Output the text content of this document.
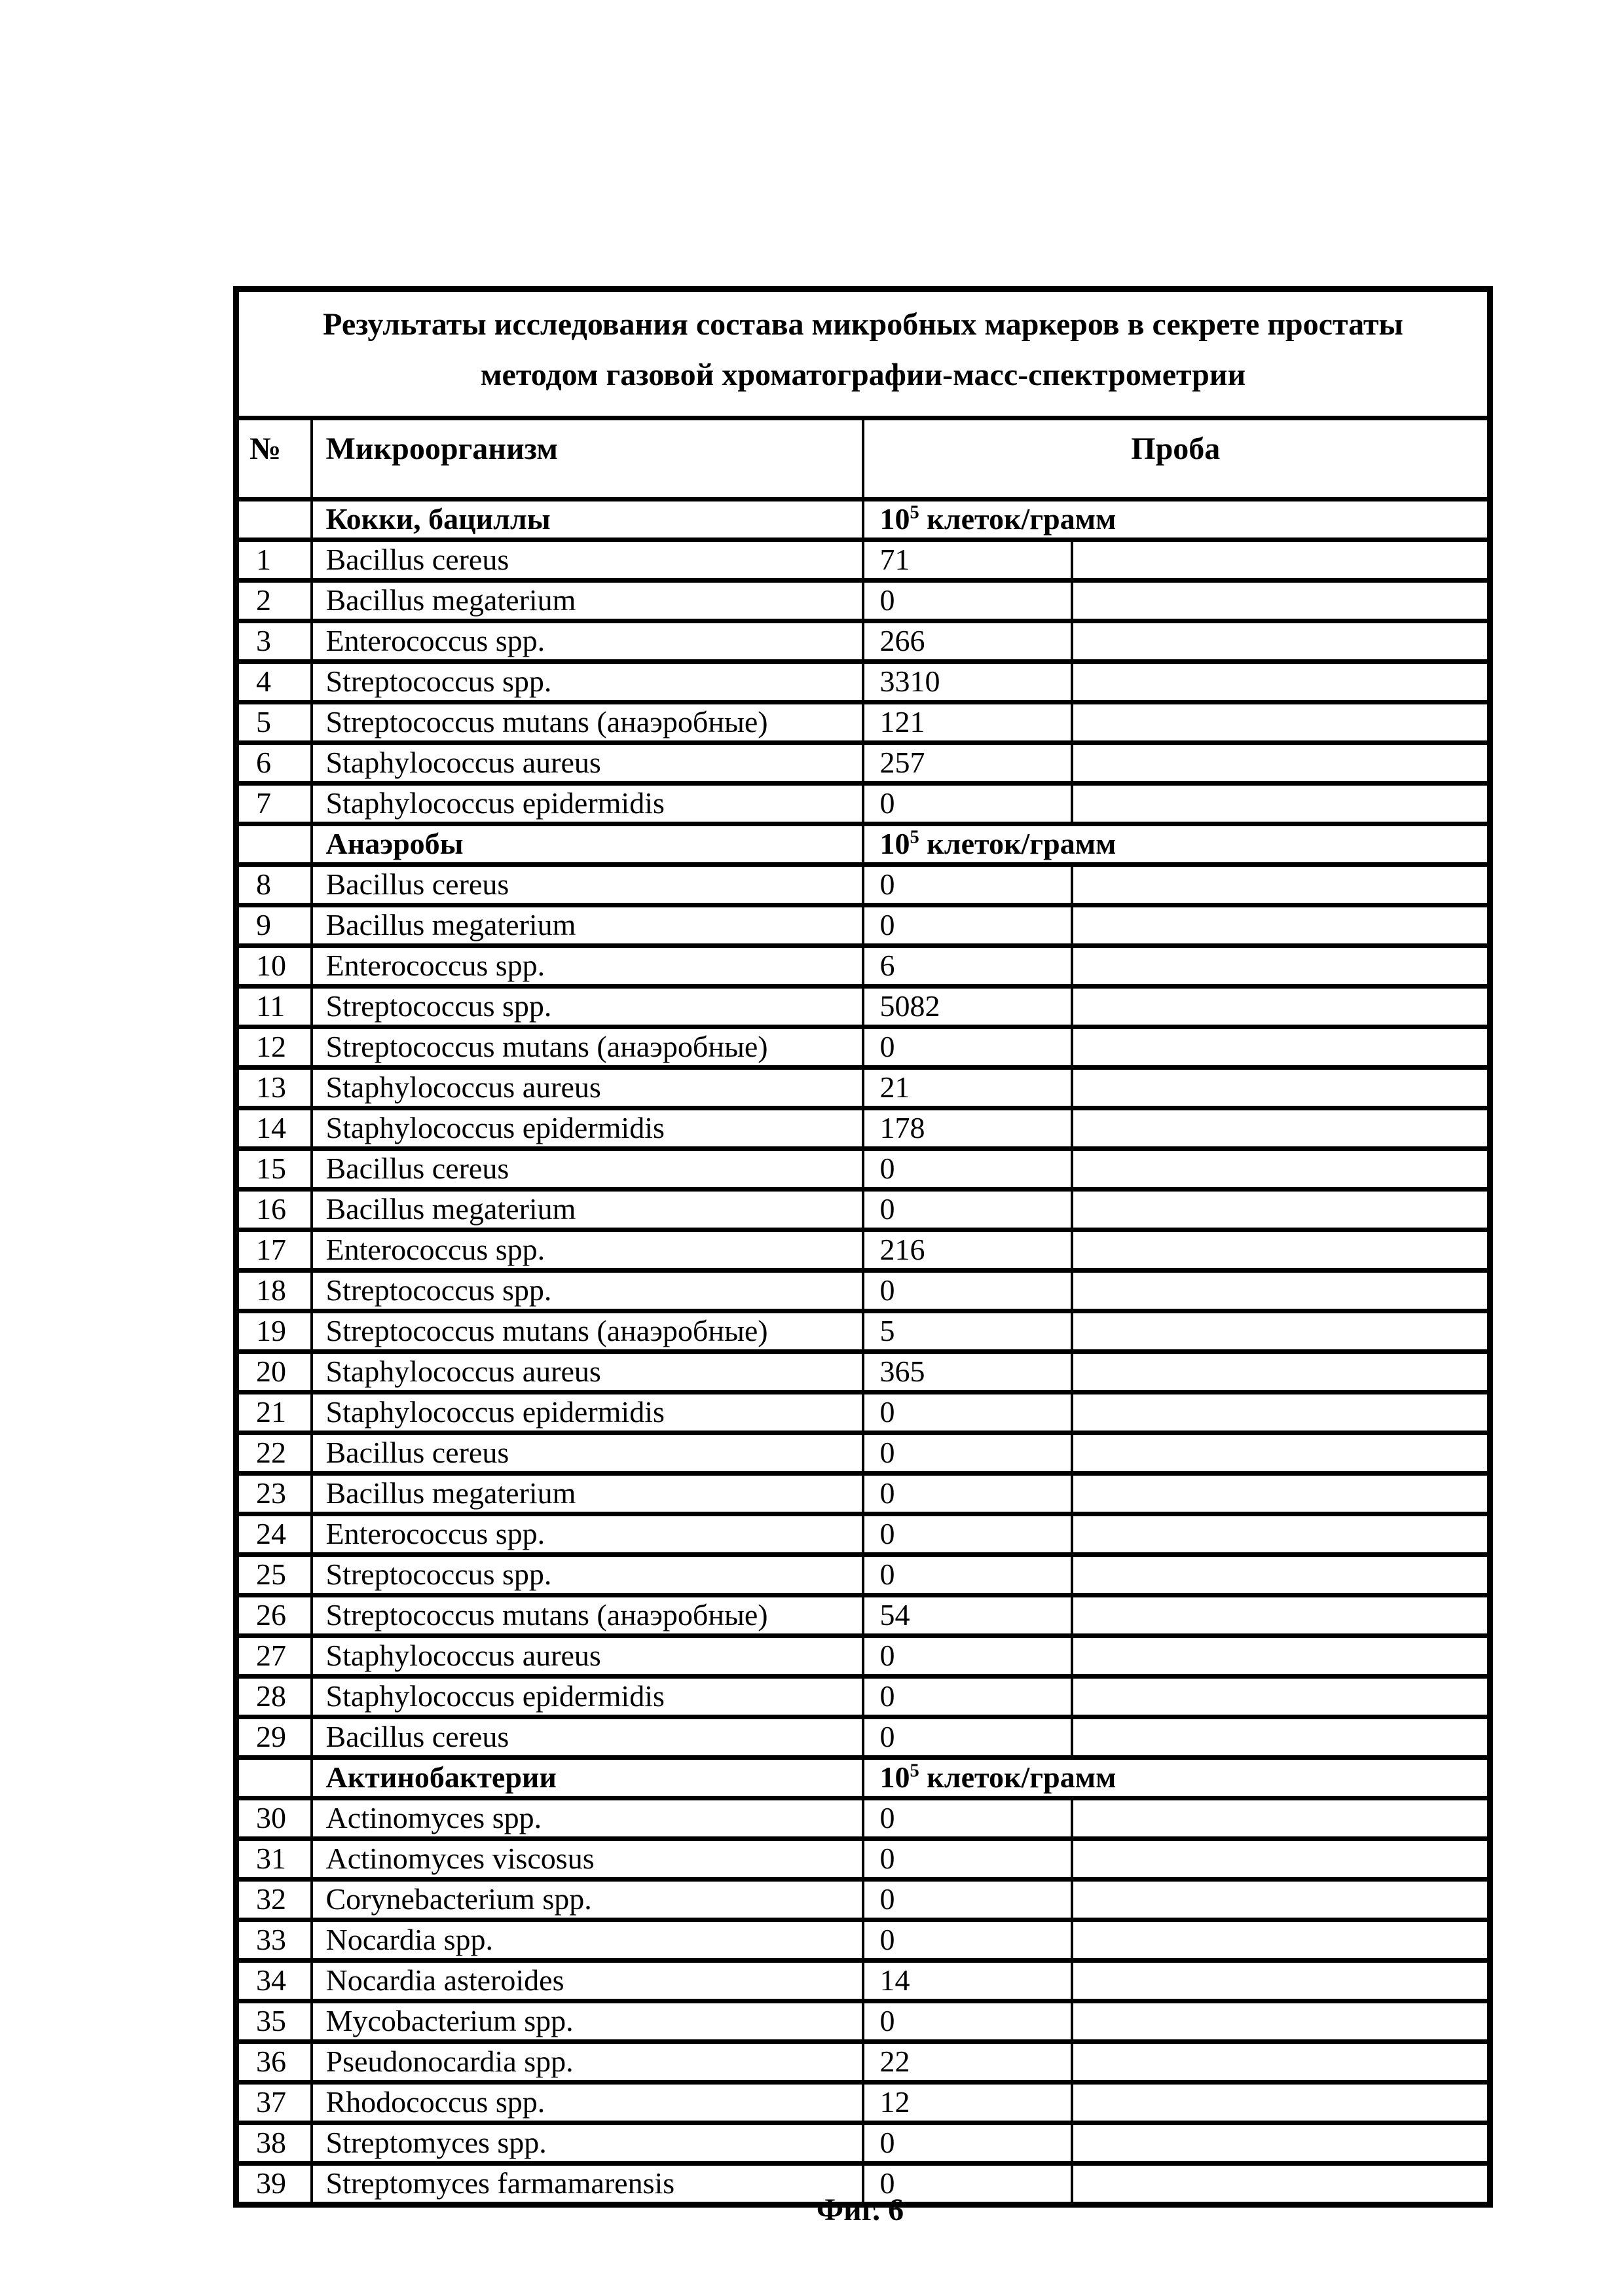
Результаты исследования состава микробных маркеров в секрете простаты
методом газовой хроматографии-масс-спектрометрии			

№	Микроорганизм	Проба	
	Кокки, бациллы	$10^5$ клеток/грамм	
1	Bacillus cereus	71	
2	Bacillus megaterium	0	
3	Enterococcus spp.	266	
4	Streptococcus spp.	3310	
5	Streptococcus mutans (анаэробные)	121	
6	Staphylococcus aureus	257	
7	Staphylococcus epidermidis	0	
	Анаэробы	$10^5$ клеток/грамм	
8	Bacillus cereus	0	
9	Bacillus megaterium	0	
10	Enterococcus spp.	6	
11	Streptococcus spp.	5082	
12	Streptococcus mutans (анаэробные)	0	
13	Staphylococcus aureus	21	
14	Staphylococcus epidermidis	178	
15	Bacillus cereus	0	
16	Bacillus megaterium	0	
17	Enterococcus spp.	216	
18	Streptococcus spp.	0	
19	Streptococcus mutans (анаэробные)	5	
20	Staphylococcus aureus	365	
21	Staphylococcus epidermidis	0	
22	Bacillus cereus	0	
23	Bacillus megaterium	0	
24	Enterococcus spp.	0	
25	Streptococcus spp.	0	
26	Streptococcus mutans (анаэробные)	54	
27	Staphylococcus aureus	0	
28	Staphylococcus epidermidis	0	
29	Bacillus cereus	0	
	Актинобактерии	$10^5$ клеток/грамм	
30	Actinomyces spp.	0	
31	Actinomyces viscosus	0	
32	Corynebacterium spp.	0	
33	Nocardia spp.	0	
34	Nocardia asteroides	14	
35	Mycobacterium spp.	0	
36	Pseudonocardia spp.	22	
37	Rhodococcus spp.	12	
38	Streptomyces spp.	0	
39	Streptomyces farmamarensis	0	
Фиг. 6
